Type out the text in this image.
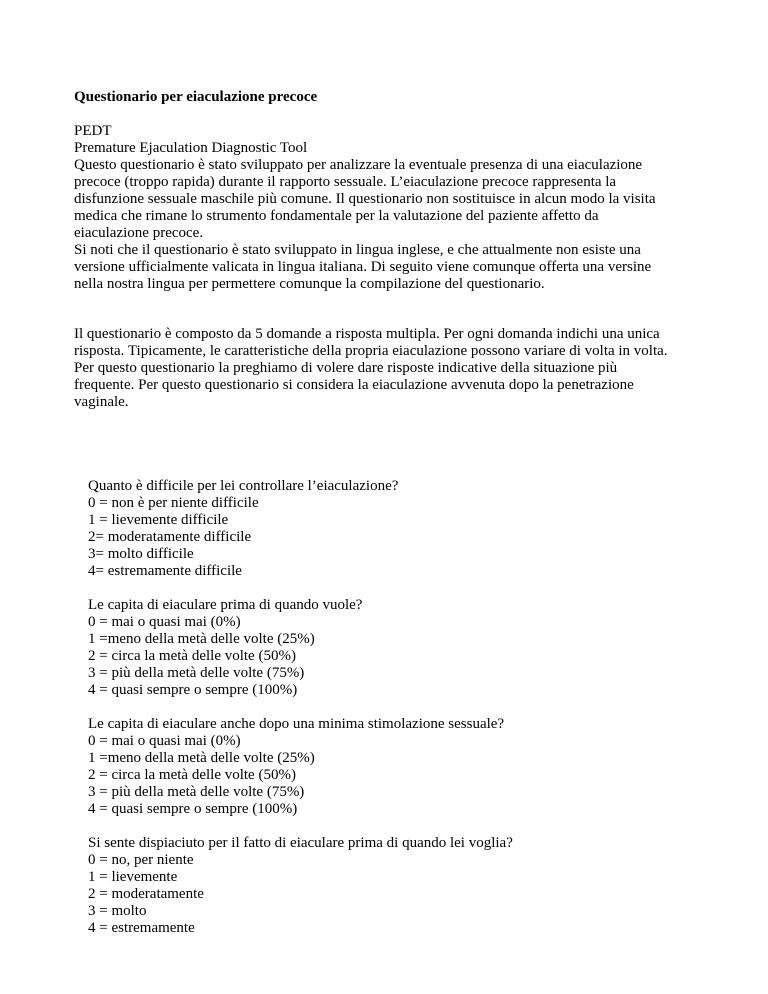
Questionario per eiaculazione precoce

PEDT

Premature Ejaculation Diagnostic Tool

Questo questionario è stato sviluppato per analizzare la eventuale presenza di una eiaculazione

precoce (troppo rapida) durante il rapporto sessuale. L’eiaculazione precoce rappresenta la

disfunzione sessuale maschile più comune. Il questionario non sostituisce in alcun modo la visita

medica che rimane lo strumento fondamentale per la valutazione del paziente affetto da

eiaculazione precoce.

Si noti che il questionario è stato sviluppato in lingua inglese, e che attualmente non esiste una

versione ufficialmente valicata in lingua italiana. Di seguito viene comunque offerta una versine

nella nostra lingua per permettere comunque la compilazione del questionario.

Il questionario è composto da 5 domande a risposta multipla. Per ogni domanda indichi una unica

risposta. Tipicamente, le caratteristiche della propria eiaculazione possono variare di volta in volta.

Per questo questionario la preghiamo di volere dare risposte indicative della situazione più

frequente. Per questo questionario si considera la eiaculazione avvenuta dopo la penetrazione

vaginale.

Quanto è difficile per lei controllare l’eiaculazione?

0 = non è per niente difficile

1 = lievemente difficile

2= moderatamente difficile

3= molto difficile

4= estremamente difficile

Le capita di eiaculare prima di quando vuole?

0 = mai o quasi mai (0%)

1 =meno della metà delle volte (25%)

2 = circa la metà delle volte (50%)

3 = più della metà delle volte (75%)

4 = quasi sempre o sempre (100%)

Le capita di eiaculare anche dopo una minima stimolazione sessuale?

0 = mai o quasi mai (0%)

1 =meno della metà delle volte (25%)

2 = circa la metà delle volte (50%)

3 = più della metà delle volte (75%)

4 = quasi sempre o sempre (100%)

Si sente dispiaciuto per il fatto di eiaculare prima di quando lei voglia?

0 = no, per niente

1 = lievemente

2 = moderatamente

3 = molto

4 = estremamente
